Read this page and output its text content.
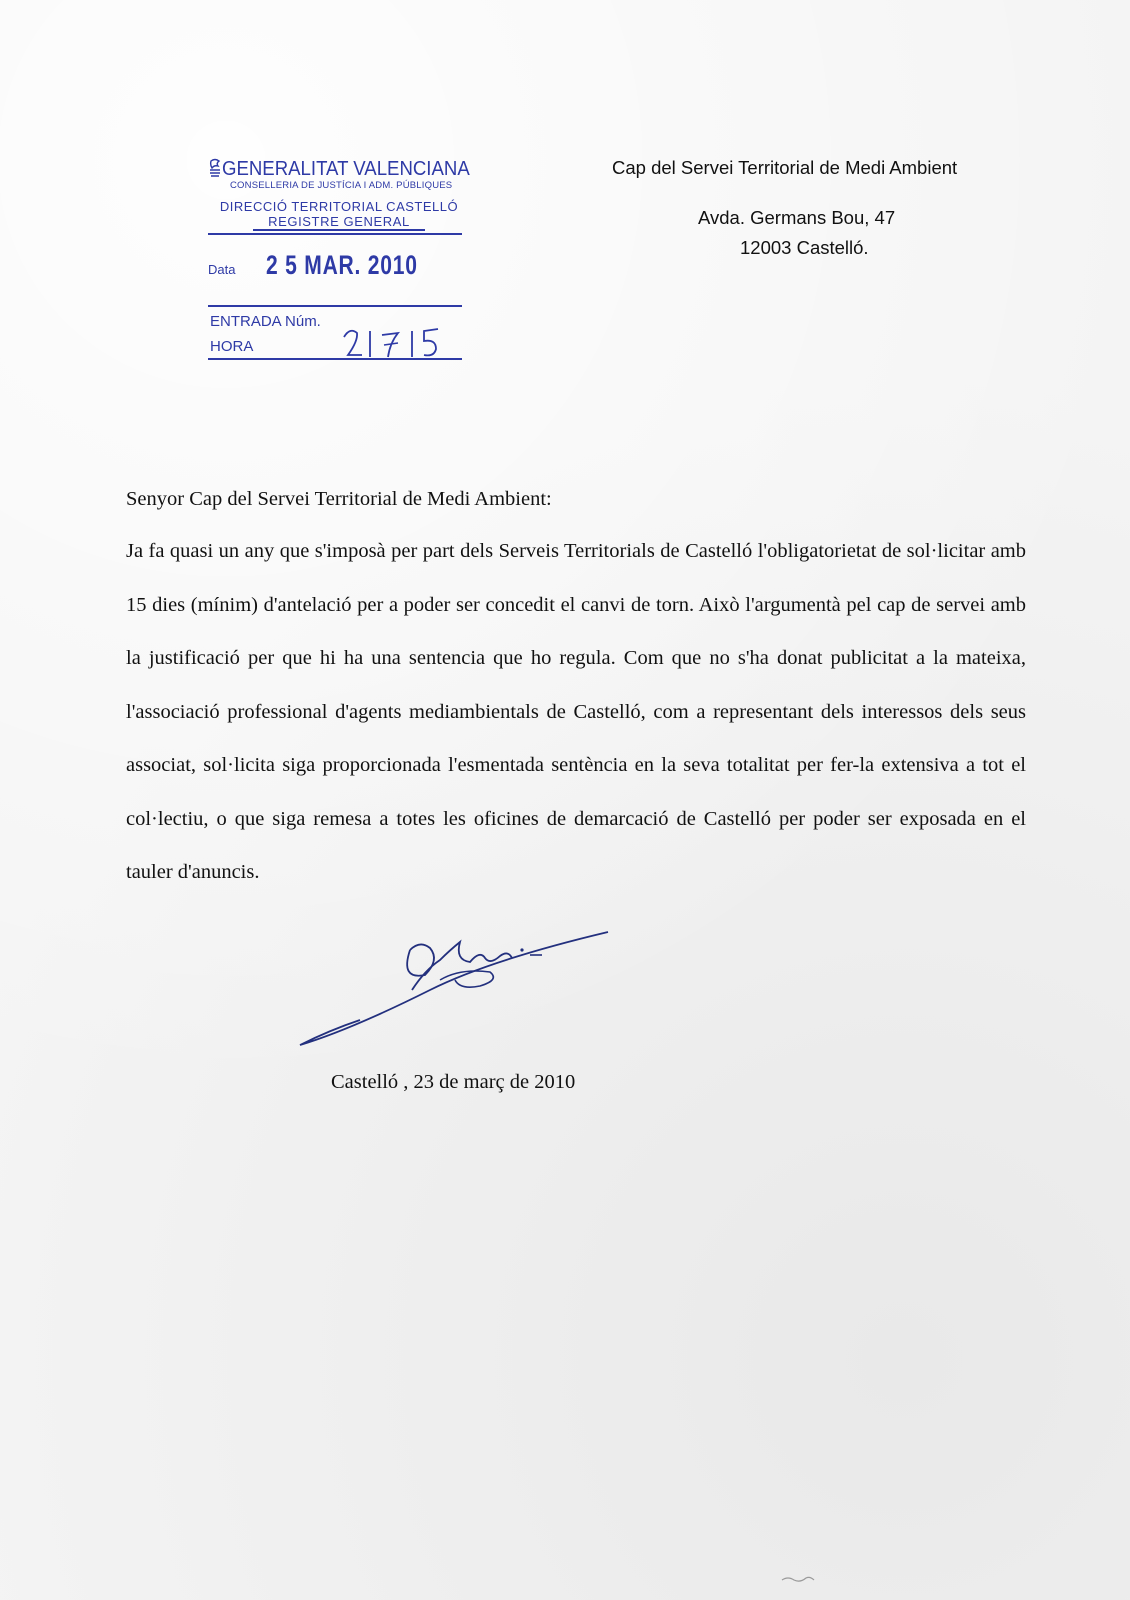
GENERALITAT VALENCIANA
CONSELLERIA DE JUSTÍCIA I ADM. PÚBLIQUES
DIRECCIÓ TERRITORIAL CASTELLÓ
REGISTRE GENERAL
Data 2 5 MAR. 2010
ENTRADA Núm.
HORA
Cap del Servei Territorial de Medi Ambient
Avda. Germans Bou, 47
12003 Castelló.
Senyor Cap del Servei Territorial de Medi Ambient:
Ja fa quasi un any que s'imposà per part dels Serveis Territorials de Castelló l'obligatorietat de sol·licitar amb 15 dies (mínim) d'antelació per a poder ser concedit el canvi de torn. Això l'argumentà pel cap de servei amb la justificació per que hi ha una sentencia que ho regula. Com que no s'ha donat publicitat a la mateixa, l'associació professional d'agents mediambientals de Castelló, com a representant dels interessos dels seus associat, sol·licita siga proporcionada l'esmentada sentència en la seva totalitat per fer-la extensiva a tot el col·lectiu, o que siga remesa a totes les oficines de demarcació de Castelló per poder ser exposada en el tauler d'anuncis.
Castelló , 23 de març de 2010
